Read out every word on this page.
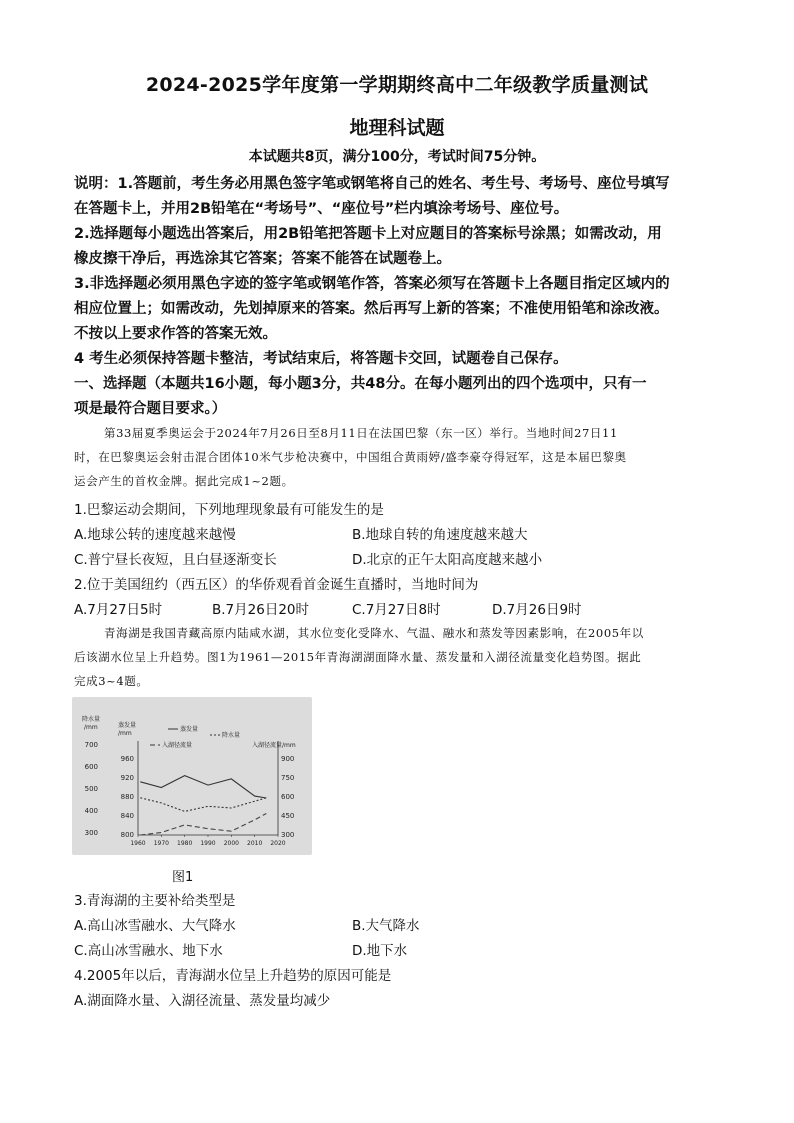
2024-2025学年度第一学期期终高中二年级教学质量测试
地理科试题
本试题共8页，满分100分，考试时间75分钟。
说明：1.答题前，考生务必用黑色签字笔或钢笔将自己的姓名、考生号、考场号、座位号填写
在答题卡上，并用2B铅笔在“考场号”、“座位号”栏内填涂考场号、座位号。
2.选择题每小题选出答案后，用2B铅笔把答题卡上对应题目的答案标号涂黑；如需改动，用
橡皮擦干净后，再选涂其它答案；答案不能答在试题卷上。
3.非选择题必须用黑色字迹的签字笔或钢笔作答，答案必须写在答题卡上各题目指定区域内的
相应位置上；如需改动，先划掉原来的答案。然后再写上新的答案；不准使用铅笔和涂改液。
不按以上要求作答的答案无效。
4 考生必须保持答题卡整洁，考试结束后，将答题卡交回，试题卷自己保存。
一、选择题（本题共16小题，每小题3分，共48分。在每小题列出的四个选项中，只有一
项是最符合题目要求。）
第33届夏季奥运会于2024年7月26日至8月11日在法国巴黎（东一区）举行。当地时间27日11
时，在巴黎奥运会射击混合团体10米气步枪决赛中，中国组合黄雨婷/盛李豪夺得冠军，这是本届巴黎奥
运会产生的首枚金牌。据此完成1~2题。
1.巴黎运动会期间，下列地理现象最有可能发生的是
A.地球公转的速度越来越慢	B.地球自转的角速度越来越大
C.普宁昼长夜短，且白昼逐渐变长	D.北京的正午太阳高度越来越小
2.位于美国纽约（西五区）的华侨观看首金诞生直播时，当地时间为
A.7月27日5时	B.7月26日20时	C.7月27日8时	D.7月26日9时
青海湖是我国青藏高原内陆咸水湖，其水位变化受降水、气温、融水和蒸发等因素影响，在2005年以
后该湖水位呈上升趋势。图1为1961—2015年青海湖湖面降水量、蒸发量和入湖径流量变化趋势图。据此
完成3~4题。
1960 1970 1980 1990 2000 2010 2020
700
600
500
400
300
降水量
/mm
960
920
880
840
800
蒸发量
/mm
900
750
600
450
300
入湖径流量/mm
蒸发量
降水量
入湖径流量
图1
3.青海湖的主要补给类型是
A.高山冰雪融水、大气降水	B.大气降水
C.高山冰雪融水、地下水	D.地下水
4.2005年以后，青海湖水位呈上升趋势的原因可能是
A.湖面降水量、入湖径流量、蒸发量均减少
